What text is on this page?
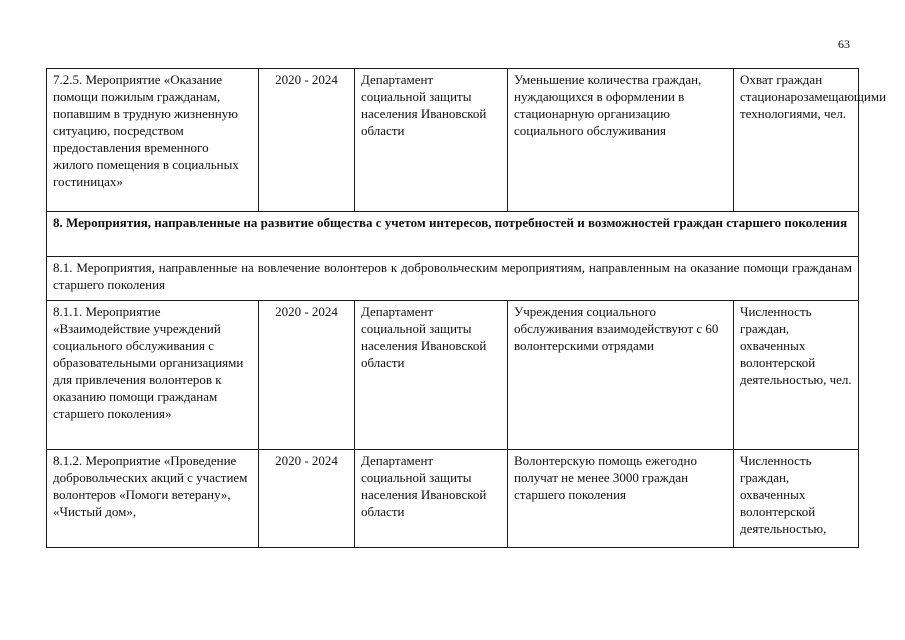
63
7.2.5. Мероприятие «Оказание помощи пожилым гражданам, попавшим в трудную жизненную ситуацию, посредством предоставления временного жилого помещения в социальных гостиницах»	2020 - 2024	Департамент социальной защиты населения Ивановской области	Уменьшение количества граждан, нуждающихся в оформлении в стационарную организацию социального обслуживания	Охват граждан стационарозамещающими технологиями, чел.
8. Мероприятия, направленные на развитие общества с учетом интересов, потребностей и возможностей граждан старшего поколения				
8.1. Мероприятия, направленные на вовлечение волонтеров к добровольческим мероприятиям, направленным на оказание помощи гражданам старшего поколения				
8.1.1. Мероприятие «Взаимодействие учреждений социального обслуживания с образовательными организациями для привлечения волонтеров к оказанию помощи гражданам старшего поколения»	2020 - 2024	Департамент социальной защиты населения Ивановской области	Учреждения социального обслуживания взаимодействуют с 60 волонтерскими отрядами	Численность граждан, охваченных волонтерской деятельностью, чел.
8.1.2. Мероприятие «Проведение добровольческих акций с участием волонтеров «Помоги ветерану», «Чистый дом»,	2020 - 2024	Департамент социальной защиты населения Ивановской области	Волонтерскую помощь ежегодно получат не менее 3000 граждан старшего поколения	Численность граждан, охваченных волонтерской деятельностью,
